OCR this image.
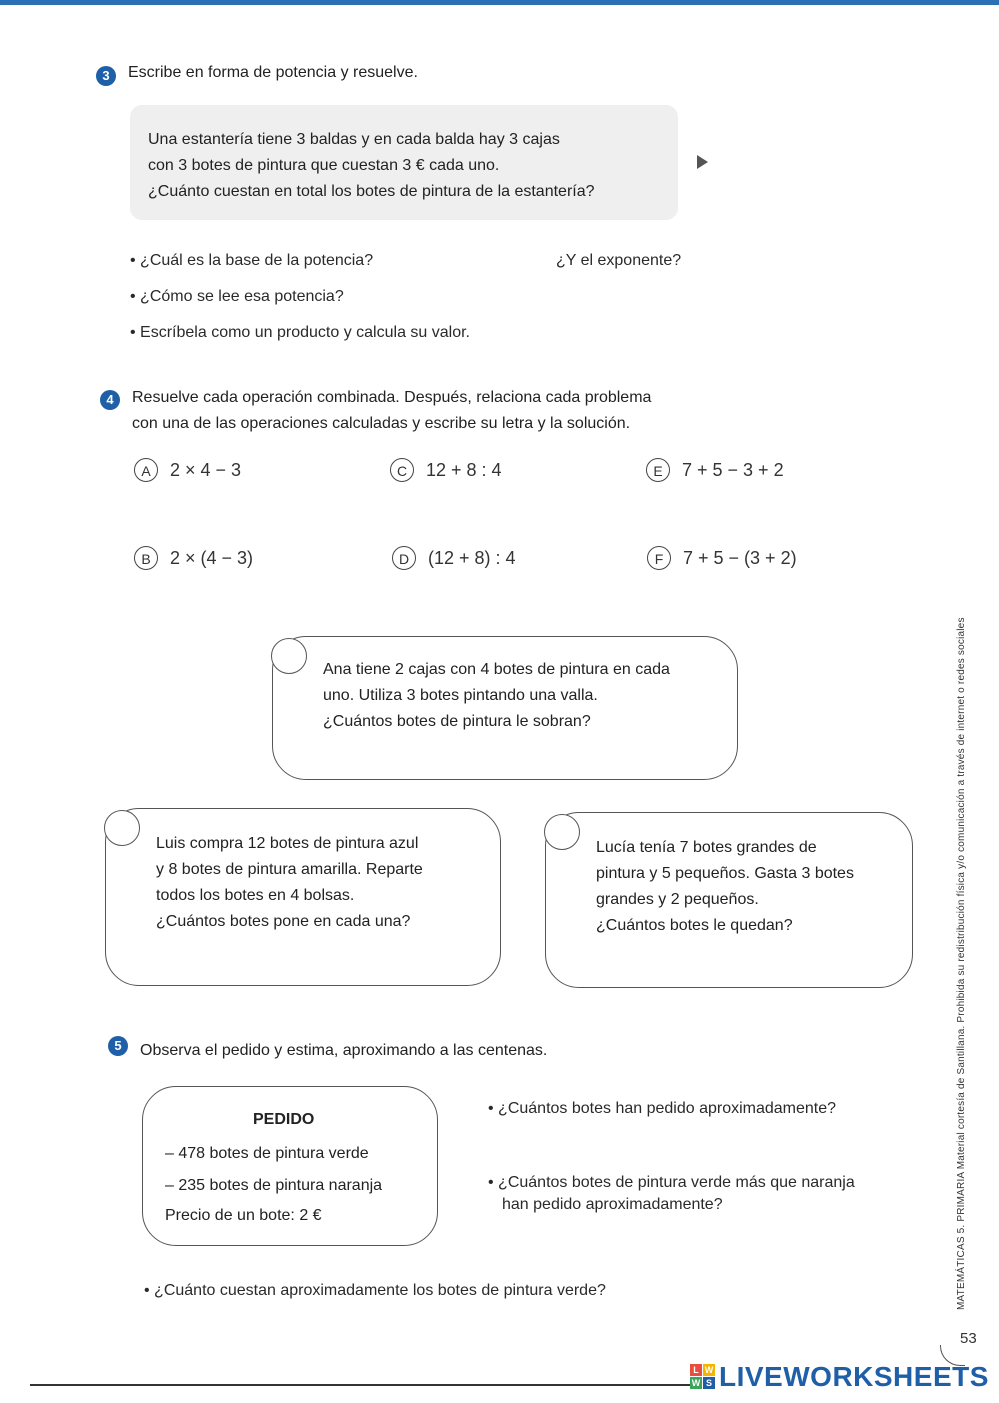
3	Escribe en forma de potencia y resuelve.
Una estantería tiene 3 baldas y en cada balda hay 3 cajas
con 3 botes de pintura que cuestan 3 € cada uno.
¿Cuánto cuestan en total los botes de pintura de la estantería?
• ¿Cuál es la base de la potencia?	¿Y el exponente?
• ¿Cómo se lee esa potencia?
• Escríbela como un producto y calcula su valor.
4	Resuelve cada operación combinada. Después, relaciona cada problema
con una de las operaciones calculadas y escribe su letra y la solución.
A	2 × 4 − 3	C	12 + 8 : 4	E	7 + 5 − 3 + 2
B	2 × (4 − 3)	D	(12 + 8) : 4	F	7 + 5 − (3 + 2)
Ana tiene 2 cajas con 4 botes de pintura en cada
uno. Utiliza 3 botes pintando una valla.
¿Cuántos botes de pintura le sobran?
Luis compra 12 botes de pintura azul
y 8 botes de pintura amarilla. Reparte
todos los botes en 4 bolsas.
¿Cuántos botes pone en cada una?
Lucía tenía 7 botes grandes de
pintura y 5 pequeños. Gasta 3 botes
grandes y 2 pequeños.
¿Cuántos botes le quedan?
5	Observa el pedido y estima, aproximando a las centenas.
PEDIDO
– 478 botes de pintura verde
– 235 botes de pintura naranja
Precio de un bote: 2 €
• ¿Cuántos botes han pedido aproximadamente?
• ¿Cuántos botes de pintura verde más que naranja
han pedido aproximadamente?
• ¿Cuánto cuestan aproximadamente los botes de pintura verde?	MATEMÁTICAS 5. PRIMARIA Material cortesía de Santillana. Prohibida su redistribución física y/o comunicación a través de internet o redes sociales
53
L W
W S LIVEWORKSHEETS
